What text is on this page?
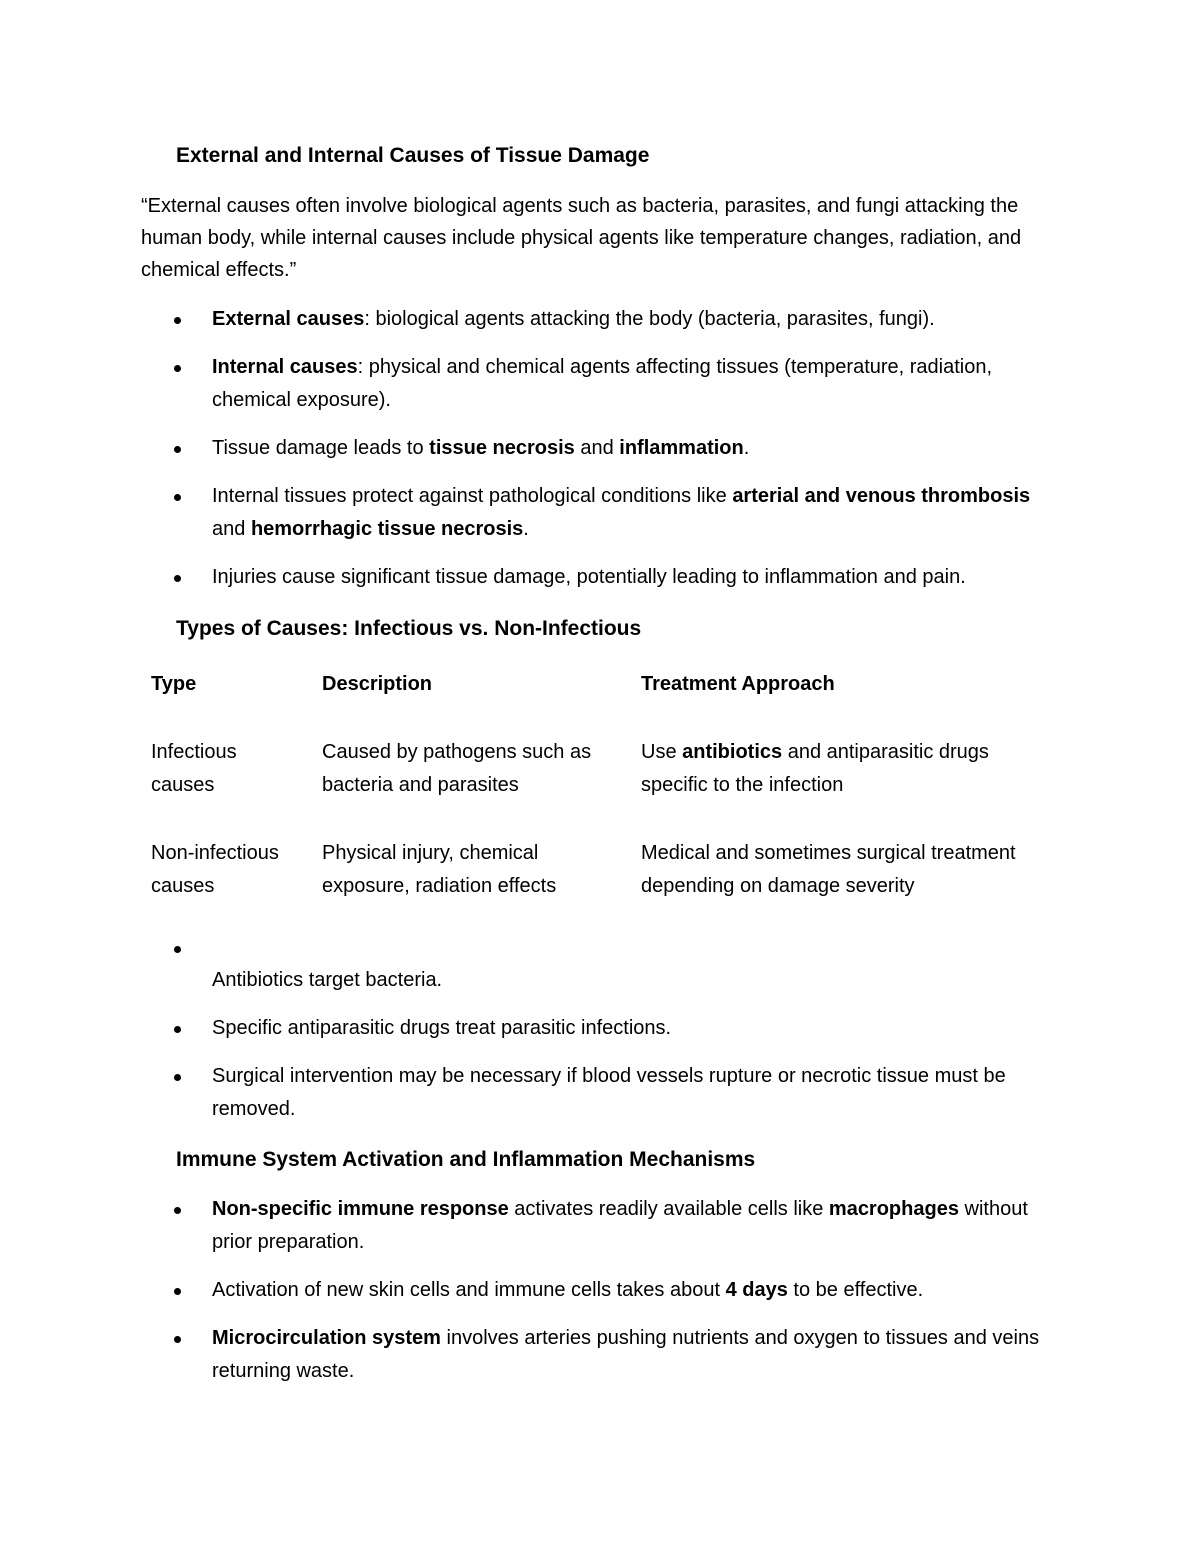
External and Internal Causes of Tissue Damage

“External causes often involve biological agents such as bacteria, parasites, and fungi attacking the human body, while internal causes include physical agents like temperature changes, radiation, and chemical effects.”

External causes: biological agents attacking the body (bacteria, parasites, fungi).
Internal causes: physical and chemical agents affecting tissues (temperature, radiation, chemical exposure).
Tissue damage leads to tissue necrosis and inflammation.
Internal tissues protect against pathological conditions like arterial and venous thrombosis and hemorrhagic tissue necrosis.
Injuries cause significant tissue damage, potentially leading to inflammation and pain.
Types of Causes: Infectious vs. Non-Infectious
Type	Description	Treatment Approach
Infectious causes	Caused by pathogens such as bacteria and parasites	Use antibiotics and antiparasitic drugs specific to the infection
Non-infectious causes	Physical injury, chemical exposure, radiation effects	Medical and sometimes surgical treatment depending on damage severity
Antibiotics target bacteria.
Specific antiparasitic drugs treat parasitic infections.
Surgical intervention may be necessary if blood vessels rupture or necrotic tissue must be removed.
Immune System Activation and Inflammation Mechanisms
Non-specific immune response activates readily available cells like macrophages without prior preparation.
Activation of new skin cells and immune cells takes about 4 days to be effective.
Microcirculation system involves arteries pushing nutrients and oxygen to tissues and veins returning waste.
